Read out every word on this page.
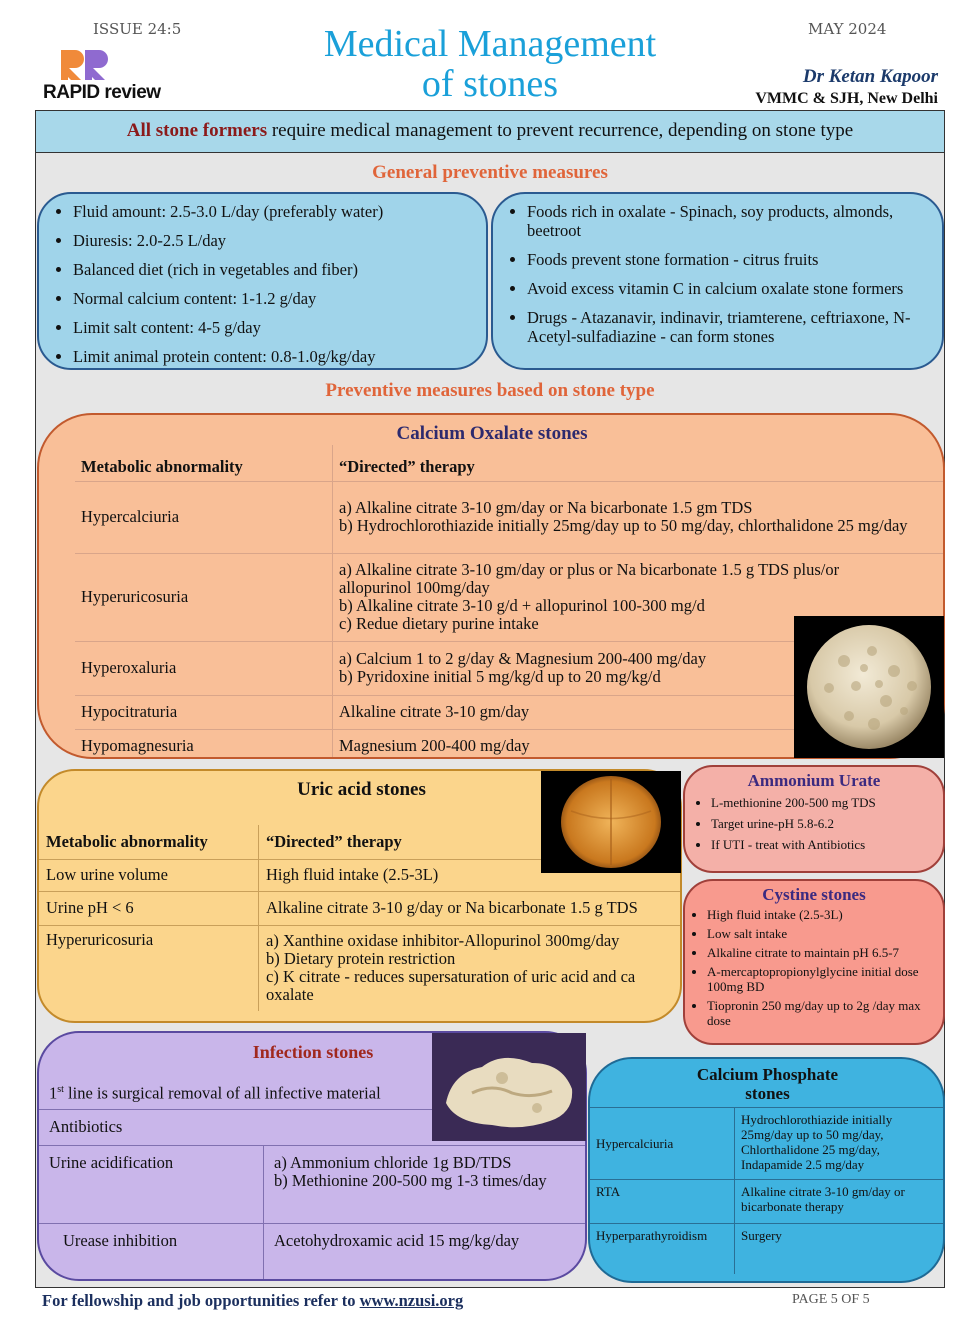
ISSUE 24:5	MAY 2024
Medical Management
of stones
RAPID review
Dr Ketan Kapoor
VMMC & SJH, New Delhi
All stone formers require medical management to prevent recurrence, depending on stone type
General preventive measures
• Fluid amount: 2.5-3.0 L/day (preferably water)
• Diuresis: 2.0-2.5 L/day
• Balanced diet (rich in vegetables and fiber)
• Normal calcium content: 1-1.2 g/day
• Limit salt content: 4-5 g/day
• Limit animal protein content: 0.8-1.0g/kg/day
• Foods rich in oxalate - Spinach, soy products, almonds, beetroot
• Foods prevent stone formation - citrus fruits
• Avoid excess vitamin C in calcium oxalate stone formers
• Drugs - Atazanavir, indinavir, triamterene, ceftriaxone, N-Acetyl-sulfadiazine - can form stones
Preventive measures based on stone type
Calcium Oxalate stones
Metabolic abnormality	“Directed” therapy
Hypercalciuria	a) Alkaline citrate 3-10 gm/day or Na bicarbonate 1.5 gm TDS
b) Hydrochlorothiazide initially 25mg/day up to 50 mg/day, chlorthalidone 25 mg/day

Hyperuricosuria	a) Alkaline citrate 3-10 gm/day or plus or Na bicarbonate 1.5 g TDS plus/or allopurinol 100mg/day
b) Alkaline citrate 3-10 g/d + allopurinol 100-300 mg/d
c) Redue dietary purine intake

Hyperoxaluria	a) Calcium 1 to 2 g/day & Magnesium 200-400 mg/day
b) Pyridoxine initial 5 mg/kg/d up to 20 mg/kg/d

Hypocitraturia	Alkaline citrate 3-10 gm/day

Hypomagnesuria	Magnesium 200-400 mg/day
Uric acid stones
Metabolic abnormality	“Directed” therapy
Low urine volume	High fluid intake (2.5-3L)

Urine pH < 6	Alkaline citrate 3-10 g/day or Na bicarbonate 1.5 g TDS

Hyperuricosuria	a) Xanthine oxidase inhibitor-Allopurinol 300mg/day
b) Dietary protein restriction
c) K citrate - reduces supersaturation of uric acid and ca oxalate
Ammonium Urate
• L-methionine 200-500 mg TDS
• Target urine-pH 5.8-6.2
• If UTI - treat with Antibiotics
Cystine stones
• High fluid intake (2.5-3L)
• Low salt intake
• Alkaline citrate to maintain pH 6.5-7
• A-mercaptopropionylglycine initial dose 100mg BD
• Tiopronin 250 mg/day up to 2g /day max dose
Infection stones
1st line is surgical removal of all infective material	
Antibiotics	
Urine acidification	a) Ammonium chloride 1g BD/TDS
b) Methionine 200-500 mg 1-3 times/day

Urease inhibition	Acetohydroxamic acid 15 mg/kg/day
Calcium Phosphate stones
Hypercalciuria	Hydrochlorothiazide initially 25mg/day up to 50 mg/day, Chlorthalidone 25 mg/day, Indapamide 2.5 mg/day
RTA	Alkaline citrate 3-10 gm/day or bicarbonate therapy
Hyperparathyroidism	Surgery
For fellowship and job opportunities refer to www.nzusi.org	PAGE 5 OF 5
